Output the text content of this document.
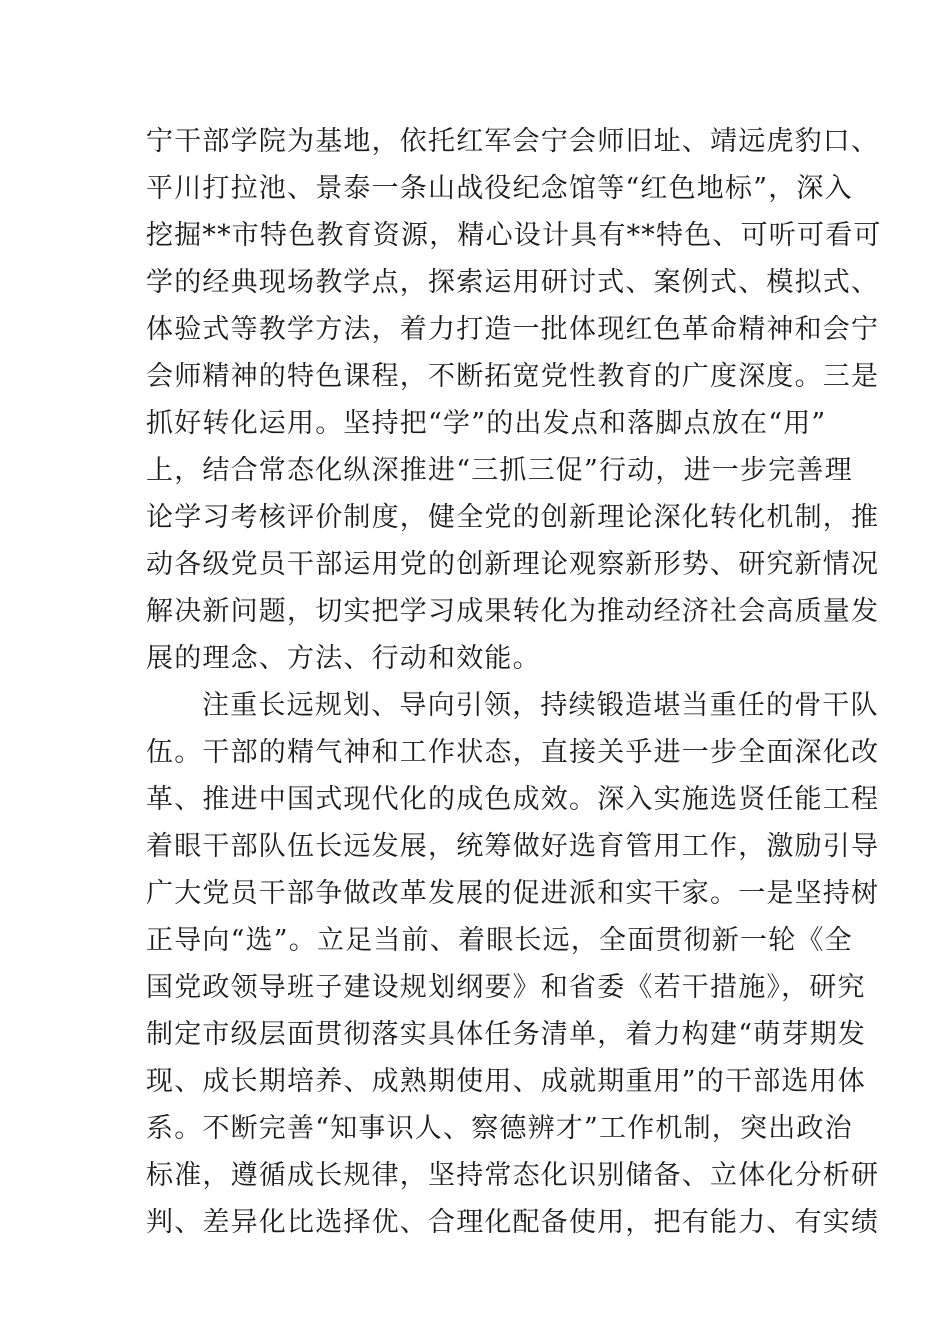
宁干部学院为基地，依托红军会宁会师旧址、靖远虎豹口、
平川打拉池、景泰一条山战役纪念馆等“红色地标”，深入
挖掘**市特色教育资源，精心设计具有**特色、可听可看可
学的经典现场教学点，探索运用研讨式、案例式、模拟式、
体验式等教学方法，着力打造一批体现红色革命精神和会宁
会师精神的特色课程，不断拓宽党性教育的广度深度。三是
抓好转化运用。坚持把“学”的出发点和落脚点放在“用”
上，结合常态化纵深推进“三抓三促”行动，进一步完善理
论学习考核评价制度，健全党的创新理论深化转化机制，推
动各级党员干部运用党的创新理论观察新形势、研究新情况
解决新问题，切实把学习成果转化为推动经济社会高质量发
展的理念、方法、行动和效能。
注重长远规划、导向引领，持续锻造堪当重任的骨干队
伍。干部的精气神和工作状态，直接关乎进一步全面深化改
革、推进中国式现代化的成色成效。深入实施选贤任能工程
着眼干部队伍长远发展，统筹做好选育管用工作，激励引导
广大党员干部争做改革发展的促进派和实干家。一是坚持树
正导向“选”。立足当前、着眼长远，全面贯彻新一轮《全
国党政领导班子建设规划纲要》和省委《若干措施》，研究
制定市级层面贯彻落实具体任务清单，着力构建“萌芽期发
现、成长期培养、成熟期使用、成就期重用”的干部选用体
系。不断完善“知事识人、察德辨才”工作机制，突出政治
标准，遵循成长规律，坚持常态化识别储备、立体化分析研
判、差异化比选择优、合理化配备使用，把有能力、有实绩
